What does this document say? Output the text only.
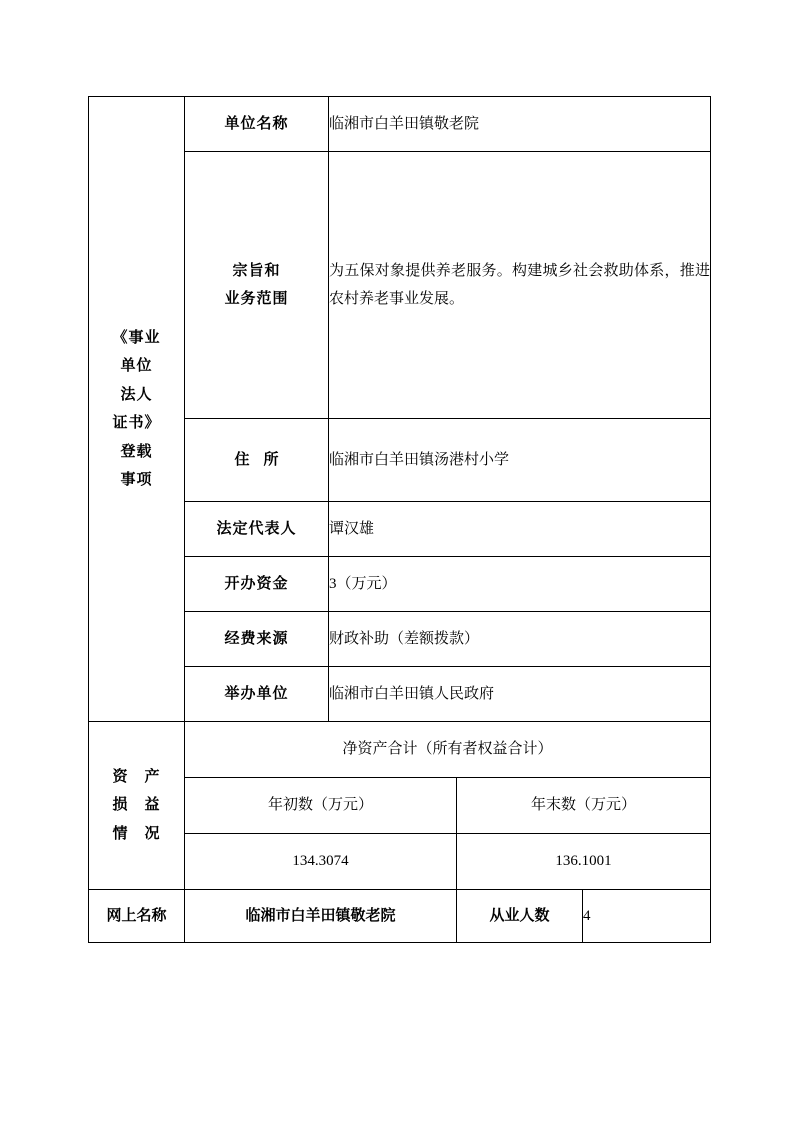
《事业
单位
法人
证书》
登载
事项
	单位名称	临湘市白羊田镇敬老院

	宗旨和
业务范围	为五保对象提供养老服务。构建城乡社会救助体系，推进农村养老事业发展。		
	住所	临湘市白羊田镇汤港村小学		
	法定代表人	谭汉雄		
	开办资金	3（万元）		
	经费来源	财政补助（差额拨款）		
	举办单位	临湘市白羊田镇人民政府		

资　产
损　益
情　况	净资产合计（所有者权益合计）			
	年初数（万元）		年末数（万元）	
	134.3074		136.1001	
网上名称	临湘市白羊田镇敬老院		从业人数	4
